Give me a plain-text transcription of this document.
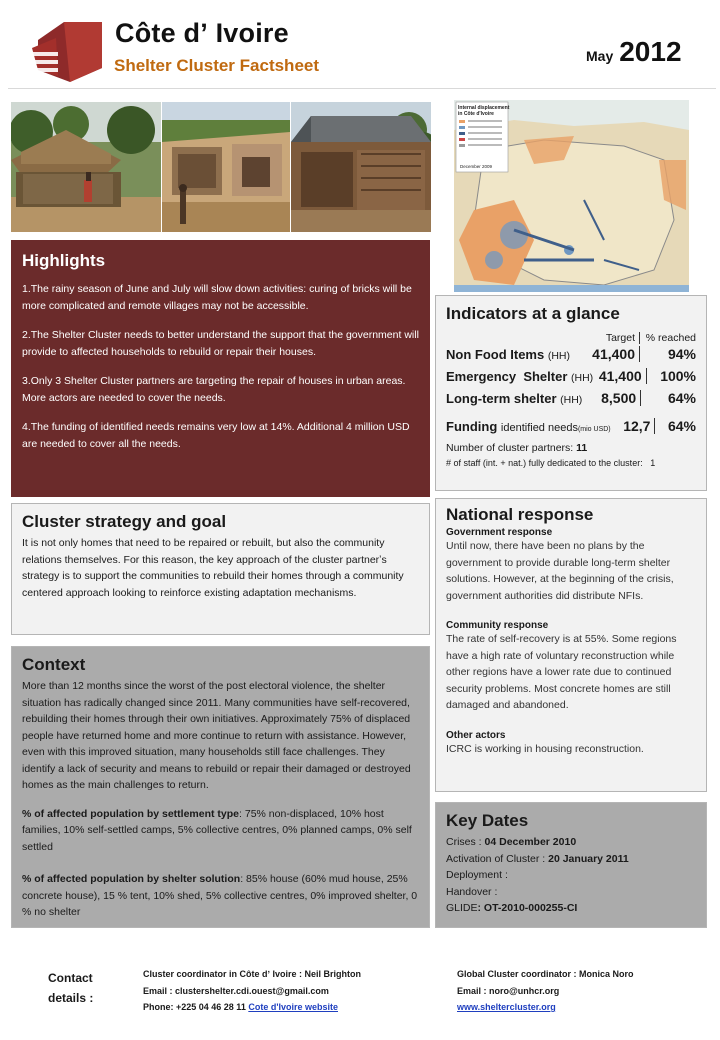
Côte dʼ Ivoire
Shelter Cluster Factsheet	May 2012
Internal displacement
in Côte d'Ivoire
December 2009
Highlights

1.The rainy season of June and July will slow down activities: curing of bricks will be more complicated and remote villages may not be accessible.

2.The Shelter Cluster needs to better understand the support that the government will provide to affected households to rebuild or repair their houses.

3.Only 3 Shelter Cluster partners are targeting the repair of houses in urban areas. More actors are needed to cover the needs.

4.The funding of identified needs remains very low at 14%. Additional 4 million USD are needed to cover all the needs.

Indicators at a glance
Target	% reached
Non Food Items (HH)	41,400	94%
Emergency  Shelter (HH) 41,400	100%
Long-term shelter (HH)	8,500	64%
Funding identified needs(mio USD) 12,7	64%
Number of cluster partners: 11
# of staff (int. + nat.) fully dedicated to the cluster: 1
Cluster strategy and goal

It is not only homes that need to be repaired or rebuilt, but also the community relations themselves. For this reason, the key approach of the cluster partnerʼs strategy is to support the communities to rebuild their homes through a community centered approach looking to reinforce existing adaptation mechanisms.

National response
Government response

Until now, there have been no plans by the government to provide durable long-term shelter solutions. However, at the beginning of the crisis, government authorities did distribute NFIs.

Community response

The rate of self-recovery is at 55%. Some regions have a high rate of voluntary reconstruction while other regions have a lower rate due to continued security problems. Most concrete homes are still damaged and abandoned.

Other actors

ICRC is working in housing reconstruction.

Context

More than 12 months since the worst of the post electoral violence, the shelter situation has radically changed since 2011. Many communities have self-recovered, rebuilding their homes through their own initiatives. Approximately 75% of displaced people have returned home and more continue to return with assistance. However, even with this improved situation, many households still face challenges. They identify a lack of security and means to rebuild or repair their damaged or destroyed homes as the main challenges to return.

% of affected population by settlement type: 75% non-displaced, 10% host families, 10% self-settled camps, 5% collective centres, 0% planned camps, 0% self settled

% of affected population by shelter solution: 85% house (60% mud house, 25% concrete house), 15 % tent, 10% shed, 5% collective centres, 0% improved shelter, 0 % no shelter

Key Dates

Crises : 04 December 2010

Activation of Cluster : 20 January 2011

Deployment :

Handover :

GLIDE: OT-2010-000255-CI

Contact details :
Cluster coordinator in Côte dʼ Ivoire : Neil Brighton
Email : clustershelter.cdi.ouest@gmail.com
Phone: +225 04 46 28 11 Cote d'Ivoire website
Global Cluster coordinator : Monica Noro
Email : noro@unhcr.org
www.sheltercluster.org
